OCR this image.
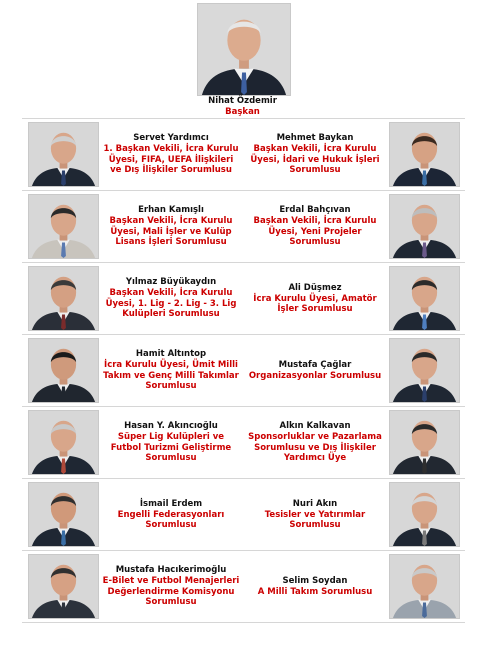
Nihat Özdemir
Başkan
Servet Yardımcı
1. Başkan Vekili, İcra Kurulu Üyesi, FIFA, UEFA İlişkileri ve Dış İlişkiler Sorumlusu
Mehmet Baykan
Başkan Vekili, İcra Kurulu Üyesi, İdari ve Hukuk İşleri Sorumlusu
Erhan Kamışlı
Başkan Vekili, İcra Kurulu Üyesi, Mali İşler ve Kulüp Lisans İşleri Sorumlusu
Erdal Bahçıvan
Başkan Vekili, İcra Kurulu Üyesi, Yeni Projeler Sorumlusu
Yılmaz Büyükaydın
Başkan Vekili, İcra Kurulu Üyesi, 1. Lig - 2. Lig - 3. Lig Kulüpleri Sorumlusu
Ali Düşmez
İcra Kurulu Üyesi, Amatör İşler Sorumlusu
Hamit Altıntop
İcra Kurulu Üyesi, Ümit Milli Takım ve Genç Milli Takımlar Sorumlusu
Mustafa Çağlar
Organizasyonlar Sorumlusu
Hasan Y. Akıncıoğlu
Süper Lig Kulüpleri ve Futbol Turizmi Geliştirme Sorumlusu
Alkın Kalkavan
Sponsorluklar ve Pazarlama Sorumlusu ve Dış İlişkiler Yardımcı Üye
İsmail Erdem
Engelli Federasyonları Sorumlusu
Nuri Akın
Tesisler ve Yatırımlar Sorumlusu
Mustafa Hacıkerimoğlu
E-Bilet ve Futbol Menajerleri Değerlendirme Komisyonu Sorumlusu
Selim Soydan
A Milli Takım Sorumlusu
